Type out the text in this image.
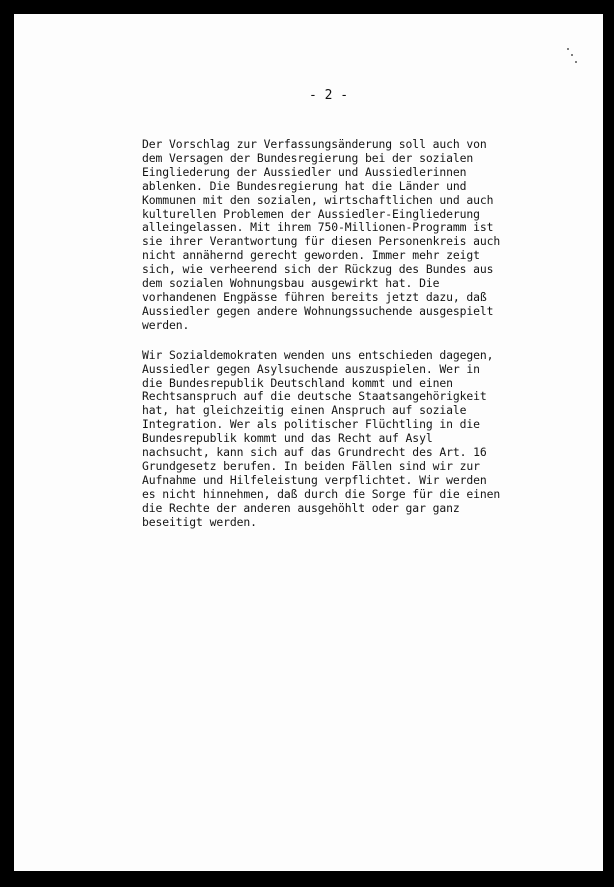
- 2 -
Der Vorschlag zur Verfassungsänderung soll auch von
dem Versagen der Bundesregierung bei der sozialen
Eingliederung der Aussiedler und Aussiedlerinnen
ablenken. Die Bundesregierung hat die Länder und
Kommunen mit den sozialen, wirtschaftlichen und auch
kulturellen Problemen der Aussiedler-Eingliederung
alleingelassen. Mit ihrem 750-Millionen-Programm ist
sie ihrer Verantwortung für diesen Personenkreis auch
nicht annähernd gerecht geworden. Immer mehr zeigt
sich, wie verheerend sich der Rückzug des Bundes aus
dem sozialen Wohnungsbau ausgewirkt hat. Die
vorhandenen Engpässe führen bereits jetzt dazu, daß
Aussiedler gegen andere Wohnungssuchende ausgespielt
werden.
Wir Sozialdemokraten wenden uns entschieden dagegen,
Aussiedler gegen Asylsuchende auszuspielen. Wer in
die Bundesrepublik Deutschland kommt und einen
Rechtsanspruch auf die deutsche Staatsangehörigkeit
hat, hat gleichzeitig einen Anspruch auf soziale
Integration. Wer als politischer Flüchtling in die
Bundesrepublik kommt und das Recht auf Asyl
nachsucht, kann sich auf das Grundrecht des Art. 16
Grundgesetz berufen. In beiden Fällen sind wir zur
Aufnahme und Hilfeleistung verpflichtet. Wir werden
es nicht hinnehmen, daß durch die Sorge für die einen
die Rechte der anderen ausgehöhlt oder gar ganz
beseitigt werden.
